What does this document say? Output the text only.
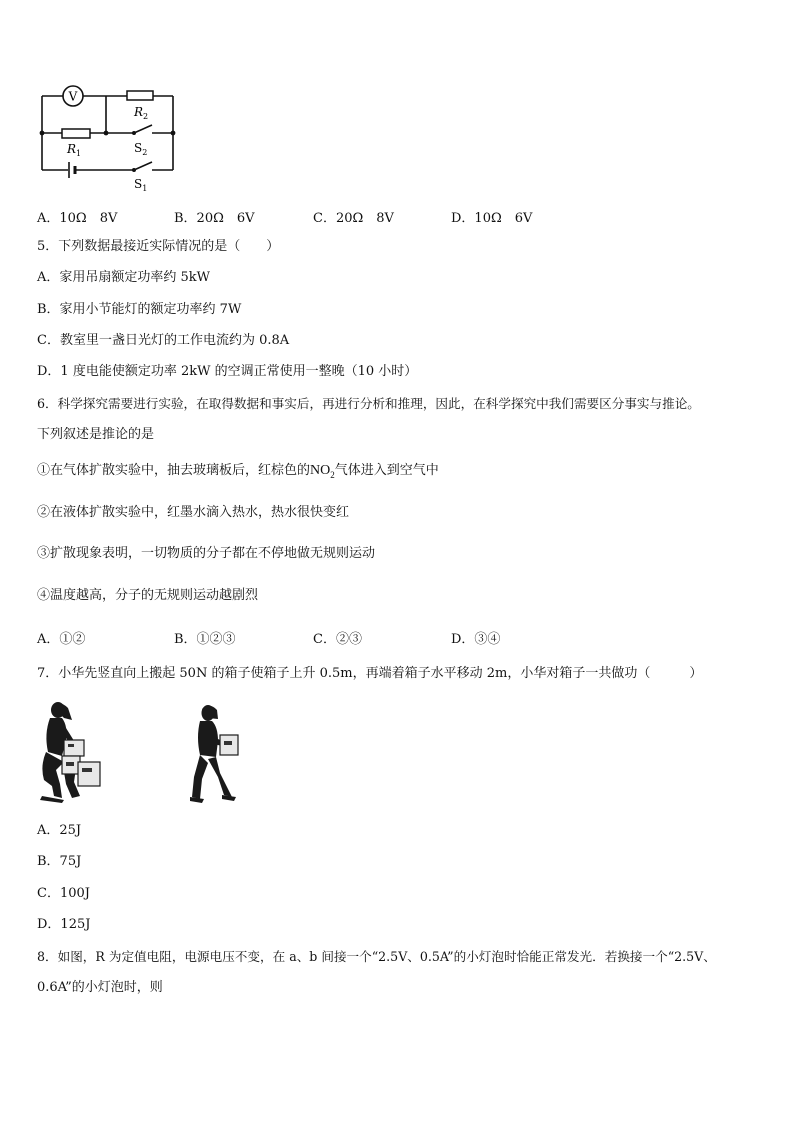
V
$R_2$
$R_1$	$S_2$
$S_1$
A．10Ω　8V	B．20Ω　6V	C．20Ω　8V	D．10Ω　6V
5．下列数据最接近实际情况的是（　　）
A．家用吊扇额定功率约 5kW
B．家用小节能灯的额定功率约 7W
C．教室里一盏日光灯的工作电流约为 0.8A
D．1 度电能使额定功率 2kW 的空调正常使用一整晚（10 小时）
6．科学探究需要进行实验，在取得数据和事实后，再进行分析和推理，因此，在科学探究中我们需要区分事实与推论。
下列叙述是推论的是
①在气体扩散实验中，抽去玻璃板后，红棕色的$NO_2$气体进入到空气中
②在液体扩散实验中，红墨水滴入热水，热水很快变红
③扩散现象表明，一切物质的分子都在不停地做无规则运动
④温度越高，分子的无规则运动越剧烈
A．①②	B．①②③	C．②③	D．③④
7．小华先竖直向上搬起 50N 的箱子使箱子上升 0.5m，再端着箱子水平移动 2m，小华对箱子一共做功（　　　）
A．25J
B．75J
C．100J
D．125J
8．如图，R 为定值电阻，电源电压不变，在 a、b 间接一个“2.5V、0.5A”的小灯泡时恰能正常发光．若换接一个“2.5V、
0.6A”的小灯泡时，则
